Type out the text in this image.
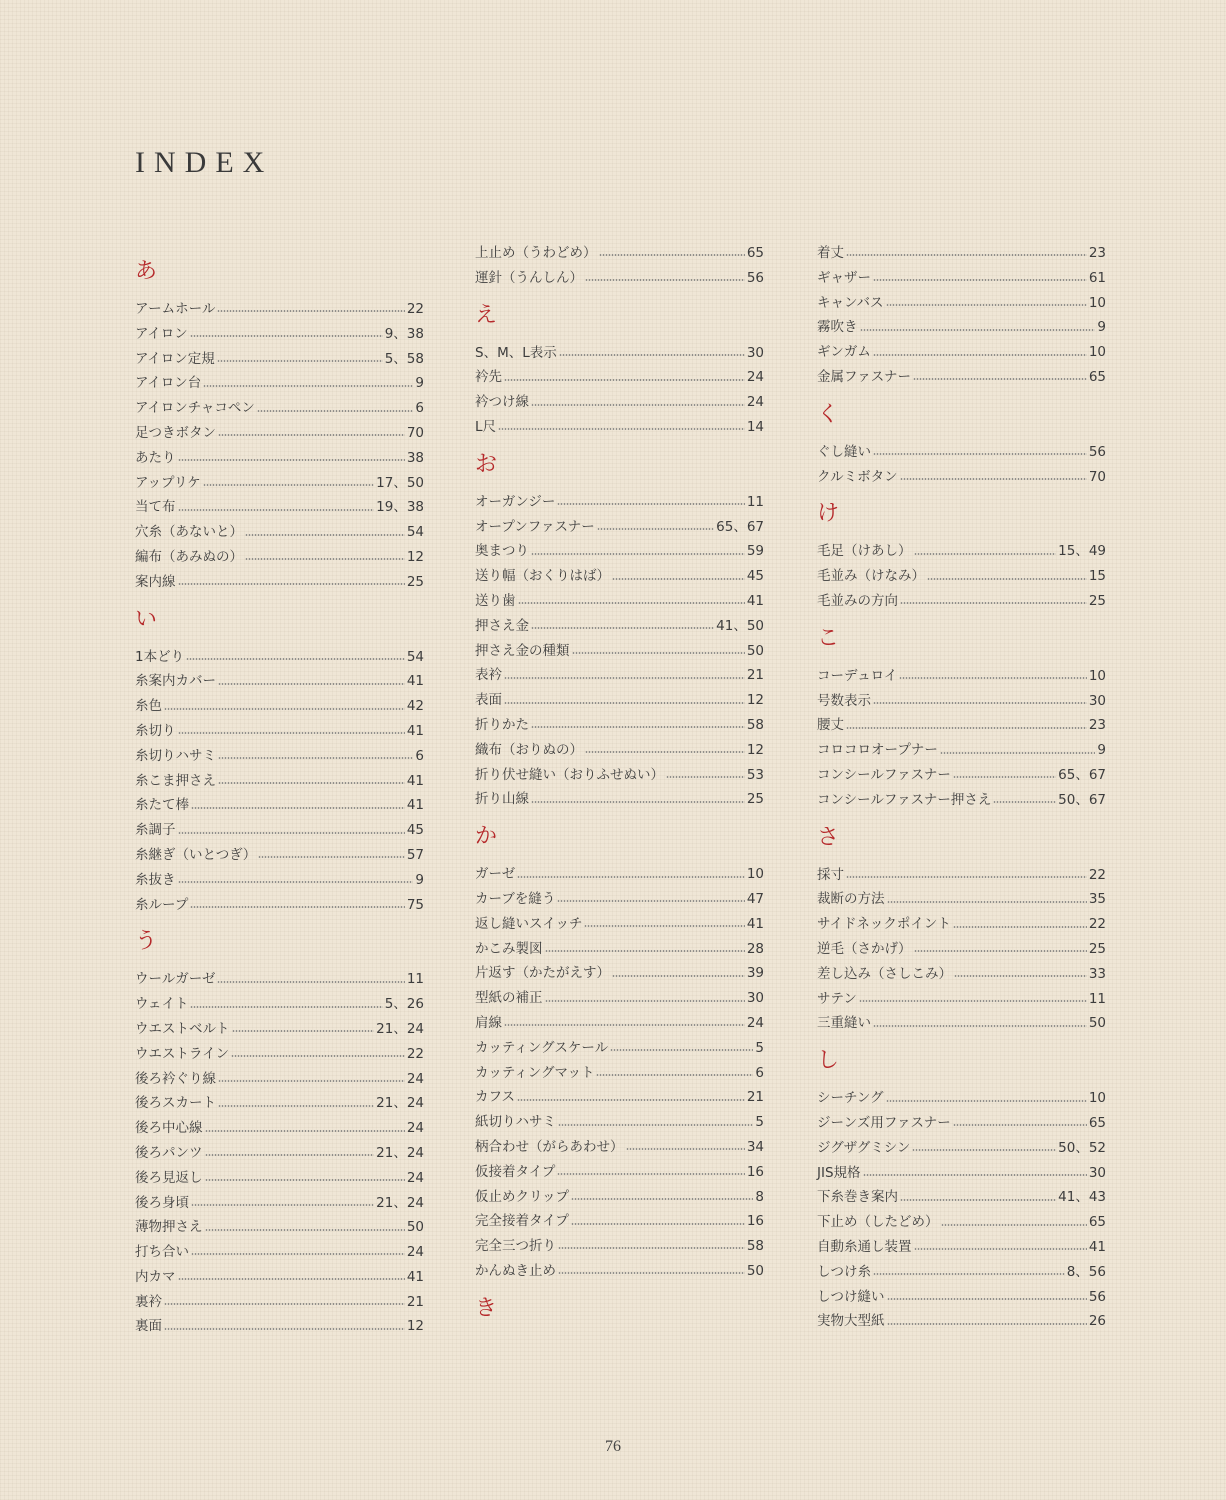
INDEX
あ
アームホール	22
アイロン	9、38
アイロン定規	5、58
アイロン台	9
アイロンチャコペン	6
足つきボタン	70
あたり	38
アップリケ	17、50
当て布	19、38
穴糸（あないと）	54
編布（あみぬの）	12
案内線	25
い
1本どり	54
糸案内カバー	41
糸色	42
糸切り	41
糸切りハサミ	6
糸こま押さえ	41
糸たて棒	41
糸調子	45
糸継ぎ（いとつぎ）	57
糸抜き	9
糸ループ	75
う
ウールガーゼ	11
ウェイト	5、26
ウエストベルト	21、24
ウエストライン	22
後ろ衿ぐり線	24
後ろスカート	21、24
後ろ中心線	24
後ろパンツ	21、24
後ろ見返し	24
後ろ身頃	21、24
薄物押さえ	50
打ち合い	24
内カマ	41
裏衿	21
裏面	12
上止め（うわどめ）	65
運針（うんしん）	56
え
S、M、L表示	30
衿先	24
衿つけ線	24
L尺	14
お
オーガンジー	11
オープンファスナー	65、67
奥まつり	59
送り幅（おくりはば）	45
送り歯	41
押さえ金	41、50
押さえ金の種類	50
表衿	21
表面	12
折りかた	58
織布（おりぬの）	12
折り伏せ縫い（おりふせぬい）	53
折り山線	25
か
ガーゼ	10
カーブを縫う	47
返し縫いスイッチ	41
かこみ製図	28
片返す（かたがえす）	39
型紙の補正	30
肩線	24
カッティングスケール	5
カッティングマット	6
カフス	21
紙切りハサミ	5
柄合わせ（がらあわせ）	34
仮接着タイプ	16
仮止めクリップ	8
完全接着タイプ	16
完全三つ折り	58
かんぬき止め	50
き
着丈	23
ギャザー	61
キャンバス	10
霧吹き	9
ギンガム	10
金属ファスナー	65
く
ぐし縫い	56
クルミボタン	70
け
毛足（けあし）	15、49
毛並み（けなみ）	15
毛並みの方向	25
こ
コーデュロイ	10
号数表示	30
腰丈	23
コロコロオープナー	9
コンシールファスナー	65、67
コンシールファスナー押さえ	50、67
さ
採寸	22
裁断の方法	35
サイドネックポイント	22
逆毛（さかげ）	25
差し込み（さしこみ）	33
サテン	11
三重縫い	50
し
シーチング	10
ジーンズ用ファスナー	65
ジグザグミシン	50、52
JIS規格	30
下糸巻き案内	41、43
下止め（したどめ）	65
自動糸通し装置	41
しつけ糸	8、56
しつけ縫い	56
実物大型紙	26
76
